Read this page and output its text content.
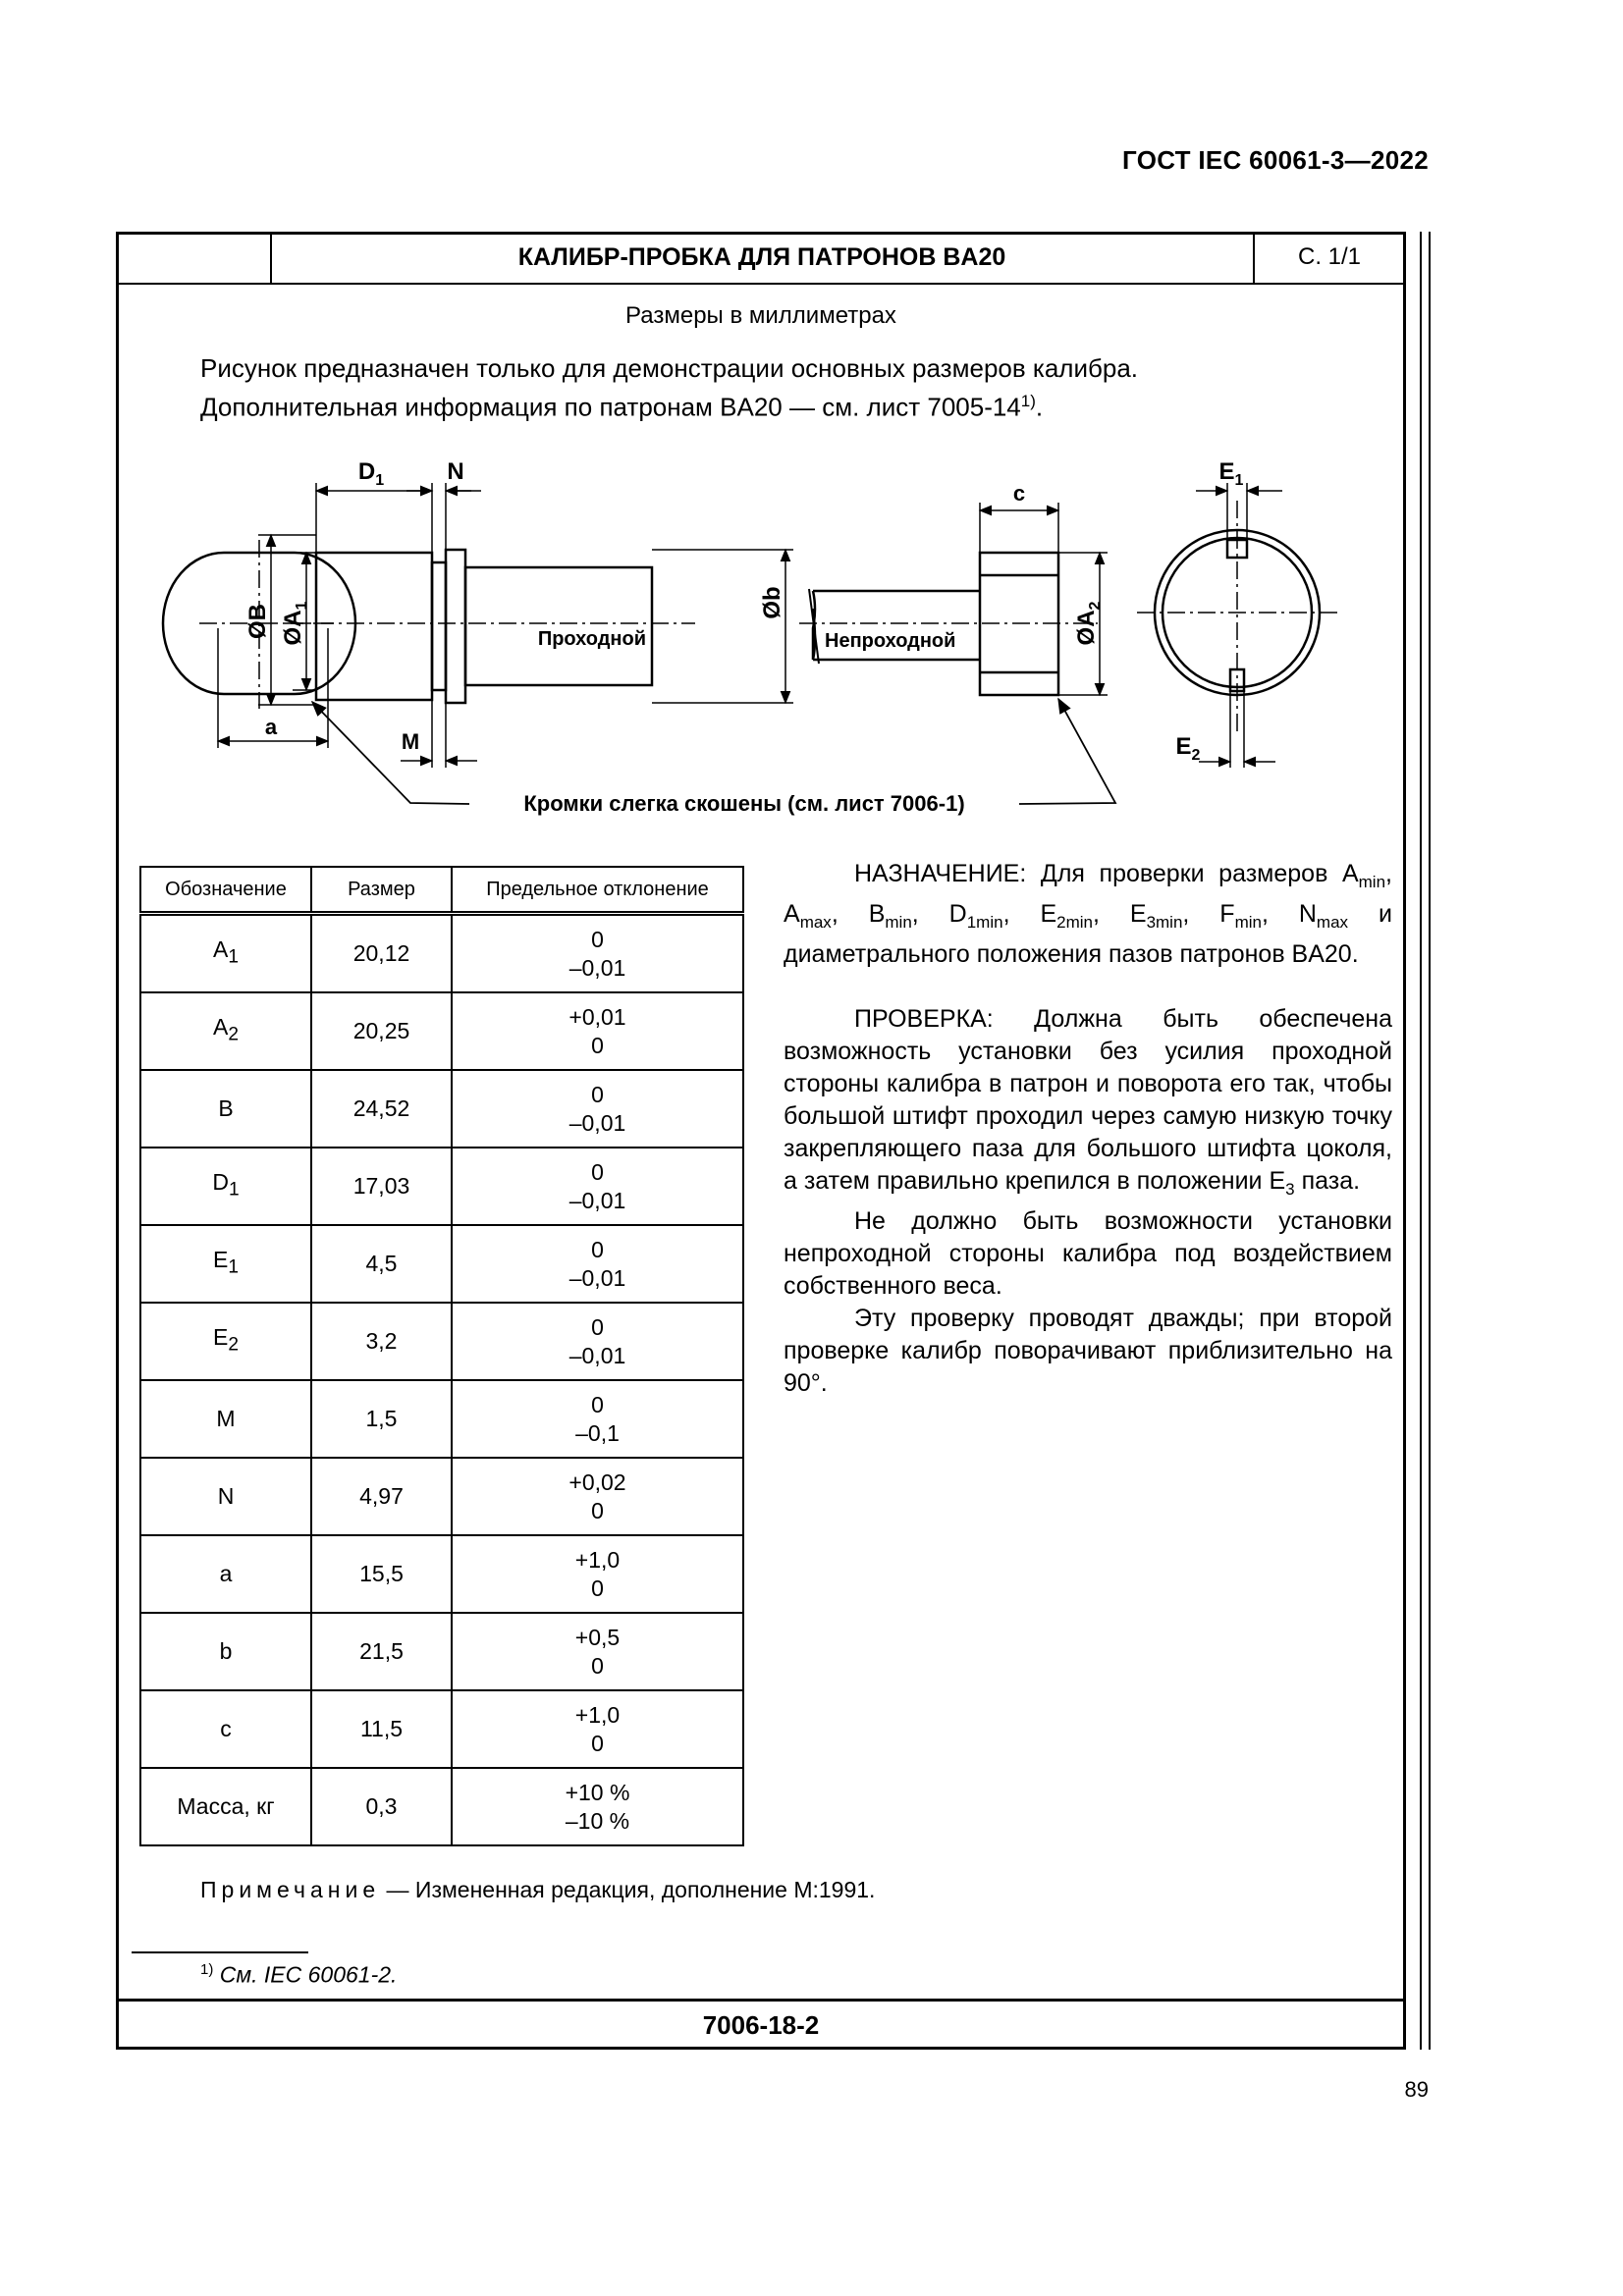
ГОСТ IEC 60061-3—2022
КАЛИБР-ПРОБКА ДЛЯ ПАТРОНОВ BA20	С. 1/1
Размеры в миллиметрах
Рисунок предназначен только для демонстрации основных размеров калибра.
Дополнительная информация по патронам BA20 — см. лист 7005-14$^{1)}$.
a
$D_1$	N
M
ØB $ØA_1$	Øb
Проходной	Непроходной
c
$ØA_2$
$E_1$
$E_2$
Кромки слегка скошены (см. лист 7006-1)
Обозначение	Размер	Предельное отклонение
$A_1$	20,12	0
–0,01

$A_2$	20,25	+0,01
0

B	24,52	0
–0,01

$D_1$	17,03	0
–0,01

$E_1$	4,5	0
–0,01

$E_2$	3,2	0
–0,01

M	1,5	0
–0,1

N	4,97	+0,02
0

a	15,5	+1,0
0

b	21,5	+0,5
0

c	11,5	+1,0
0

Масса, кг	0,3	+10 %
–10 %

НАЗНАЧЕНИЕ: Для проверки размеров $A_{min}$, $A_{max}$, $B_{min}$, $D_{1min}$, $E_{2min}$, $E_{3min}$, $F_{min}$, $N_{max}$ и диаметрального положения пазов патронов BA20.

ПРОВЕРКА: Должна быть обеспечена возможность установки без усилия проходной стороны калибра в патрон и поворота его так, чтобы большой штифт проходил через самую низкую точку закрепляющего паза для большого штифта цоколя, а затем правильно крепился в положении $E_3$ паза.

Не должно быть возможности установки непроходной стороны калибра под воздействием собственного веса.

Эту проверку проводят дважды; при второй проверке калибр поворачивают приблизительно на 90°.

Примечание — Измененная редакция, дополнение М:1991.
$^{1)}$ См. IEC 60061-2.
7006-18-2
89
